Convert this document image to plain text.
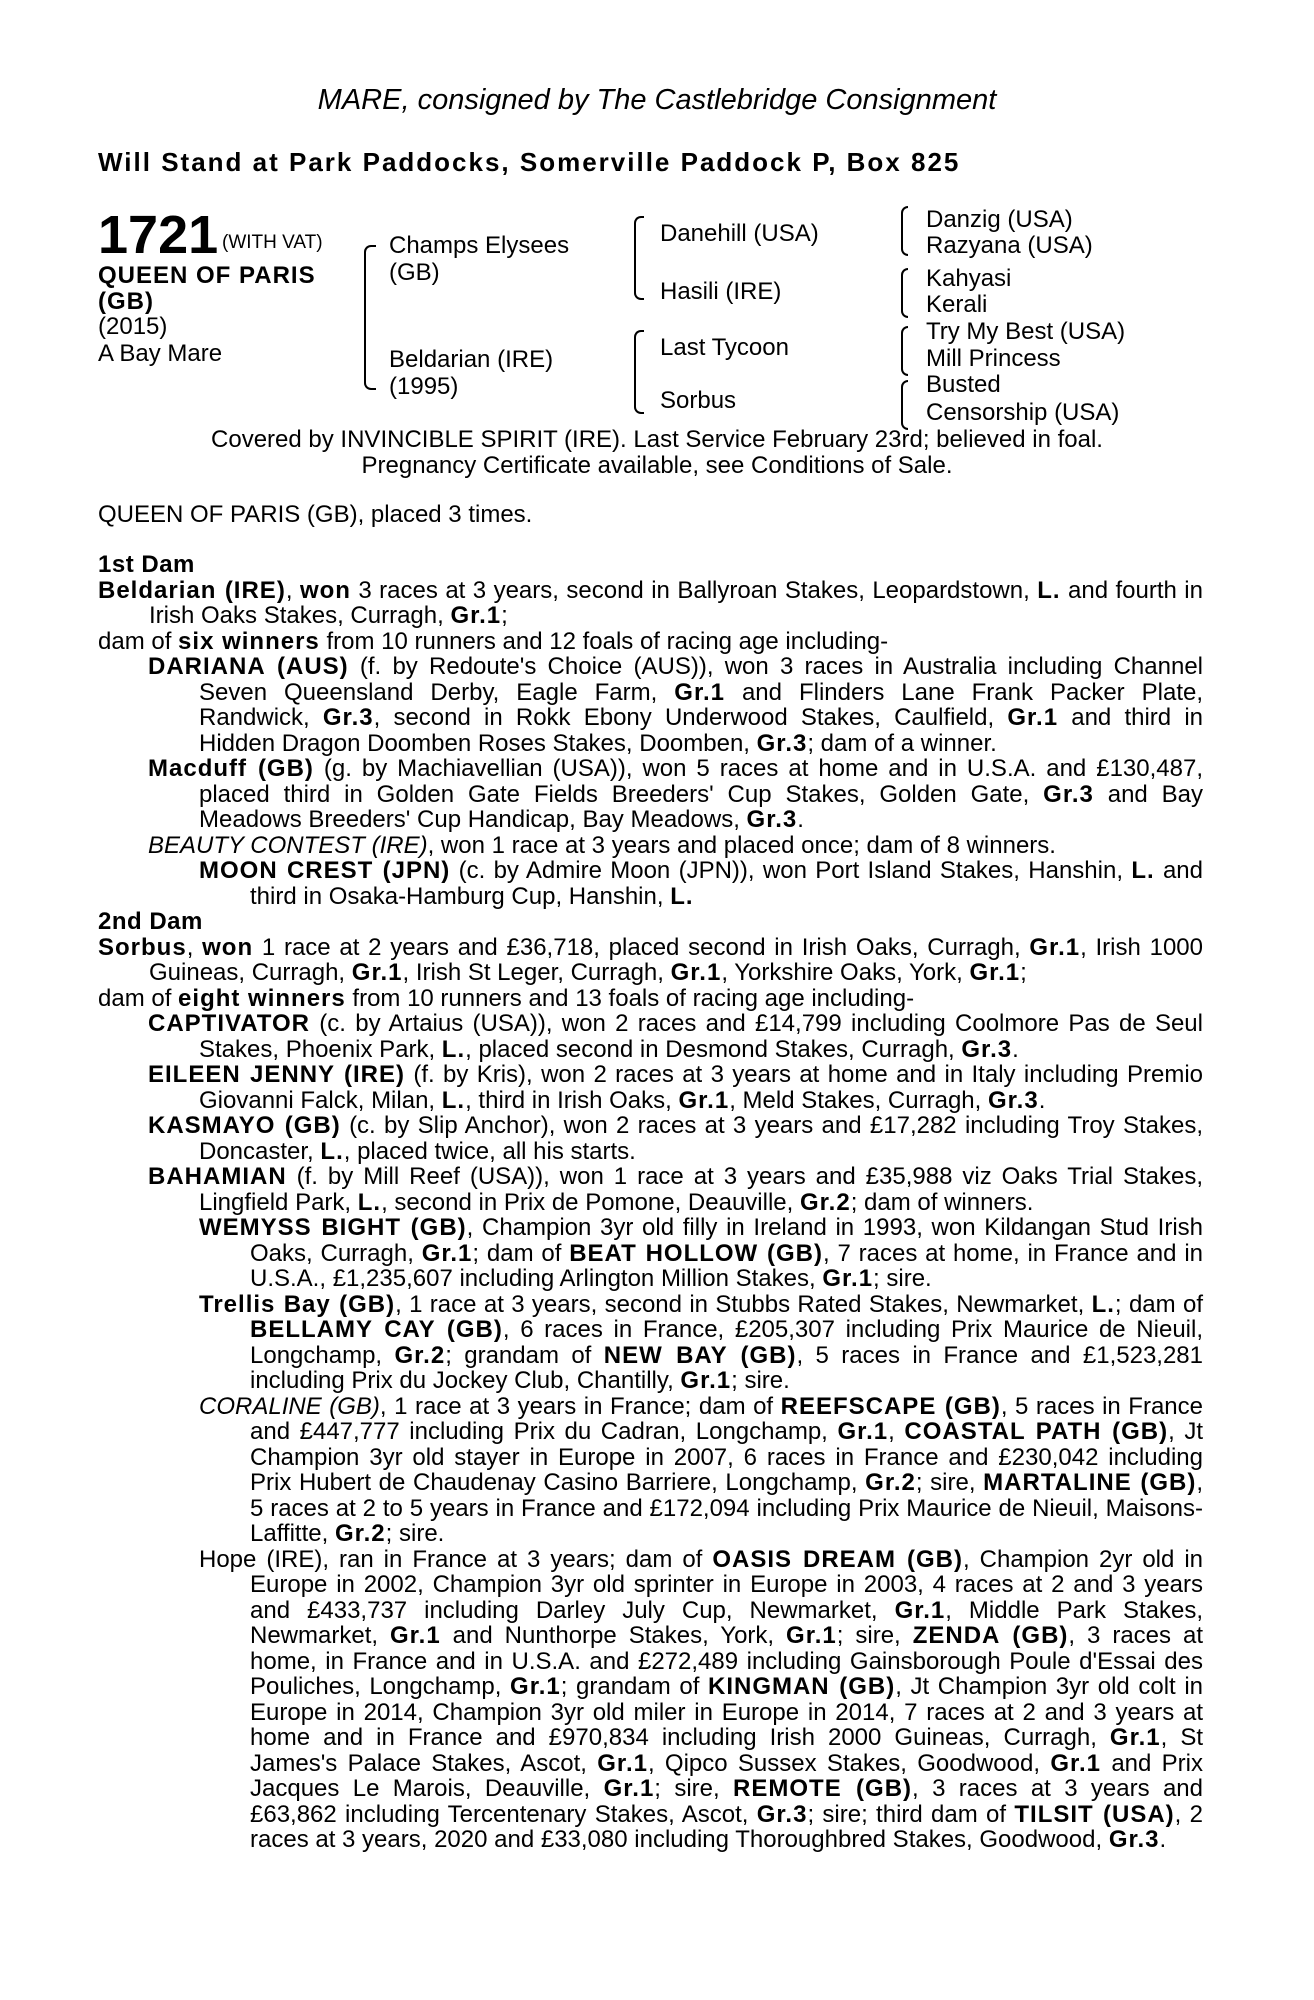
MARE, consigned by The Castlebridge Consignment
Will Stand at Park Paddocks, Somerville Paddock P, Box 825
1721 (WITH VAT)
QUEEN OF PARIS
(GB)
(2015)
A Bay Mare
Champs Elysees
(GB)
Beldarian (IRE)
(1995)
Danehill (USA)
Hasili (IRE)
Last Tycoon
Sorbus
Danzig (USA)
Razyana (USA)
Kahyasi
Kerali
Try My Best (USA)
Mill Princess
Busted
Censorship (USA)
Covered by INVINCIBLE SPIRIT (IRE). Last Service February 23rd; believed in foal.
Pregnancy Certificate available, see Conditions of Sale.
QUEEN OF PARIS (GB), placed 3 times.
1st Dam

Beldarian (IRE), won 3 races at 3 years, second in Ballyroan Stakes, Leopardstown, L. and fourth in Irish Oaks Stakes, Curragh, Gr.1;

dam of six winners from 10 runners and 12 foals of racing age including-

DARIANA (AUS) (f. by Redoute's Choice (AUS)), won 3 races in Australia including Channel Seven Queensland Derby, Eagle Farm, Gr.1 and Flinders Lane Frank Packer Plate, Randwick, Gr.3, second in Rokk Ebony Underwood Stakes, Caulfield, Gr.1 and third in Hidden Dragon Doomben Roses Stakes, Doomben, Gr.3; dam of a winner.

Macduff (GB) (g. by Machiavellian (USA)), won 5 races at home and in U.S.A. and £130,487, placed third in Golden Gate Fields Breeders' Cup Stakes, Golden Gate, Gr.3 and Bay Meadows Breeders' Cup Handicap, Bay Meadows, Gr.3.

BEAUTY CONTEST (IRE), won 1 race at 3 years and placed once; dam of 8 winners.

MOON CREST (JPN) (c. by Admire Moon (JPN)), won Port Island Stakes, Hanshin, L. and third in Osaka-Hamburg Cup, Hanshin, L.

2nd Dam

Sorbus, won 1 race at 2 years and £36,718, placed second in Irish Oaks, Curragh, Gr.1, Irish 1000 Guineas, Curragh, Gr.1, Irish St Leger, Curragh, Gr.1, Yorkshire Oaks, York, Gr.1;

dam of eight winners from 10 runners and 13 foals of racing age including-

CAPTIVATOR (c. by Artaius (USA)), won 2 races and £14,799 including Coolmore Pas de Seul Stakes, Phoenix Park, L., placed second in Desmond Stakes, Curragh, Gr.3.

EILEEN JENNY (IRE) (f. by Kris), won 2 races at 3 years at home and in Italy including Premio Giovanni Falck, Milan, L., third in Irish Oaks, Gr.1, Meld Stakes, Curragh, Gr.3.

KASMAYO (GB) (c. by Slip Anchor), won 2 races at 3 years and £17,282 including Troy Stakes, Doncaster, L., placed twice, all his starts.

BAHAMIAN (f. by Mill Reef (USA)), won 1 race at 3 years and £35,988 viz Oaks Trial Stakes, Lingfield Park, L., second in Prix de Pomone, Deauville, Gr.2; dam of winners.

WEMYSS BIGHT (GB), Champion 3yr old filly in Ireland in 1993, won Kildangan Stud Irish Oaks, Curragh, Gr.1; dam of BEAT HOLLOW (GB), 7 races at home, in France and in U.S.A., £1,235,607 including Arlington Million Stakes, Gr.1; sire.

Trellis Bay (GB), 1 race at 3 years, second in Stubbs Rated Stakes, Newmarket, L.; dam of BELLAMY CAY (GB), 6 races in France, £205,307 including Prix Maurice de Nieuil, Longchamp, Gr.2; grandam of NEW BAY (GB), 5 races in France and £1,523,281 including Prix du Jockey Club, Chantilly, Gr.1; sire.

CORALINE (GB), 1 race at 3 years in France; dam of REEFSCAPE (GB), 5 races in France and £447,777 including Prix du Cadran, Longchamp, Gr.1, COASTAL PATH (GB), Jt Champion 3yr old stayer in Europe in 2007, 6 races in France and £230,042 including Prix Hubert de Chaudenay Casino Barriere, Longchamp, Gr.2; sire, MARTALINE (GB), 5 races at 2 to 5 years in France and £172,094 including Prix Maurice de Nieuil, Maisons-Laffitte, Gr.2; sire.

Hope (IRE), ran in France at 3 years; dam of OASIS DREAM (GB), Champion 2yr old in Europe in 2002, Champion 3yr old sprinter in Europe in 2003, 4 races at 2 and 3 years and £433,737 including Darley July Cup, Newmarket, Gr.1, Middle Park Stakes, Newmarket, Gr.1 and Nunthorpe Stakes, York, Gr.1; sire, ZENDA (GB), 3 races at home, in France and in U.S.A. and £272,489 including Gainsborough Poule d'Essai des Pouliches, Longchamp, Gr.1; grandam of KINGMAN (GB), Jt Champion 3yr old colt in Europe in 2014, Champion 3yr old miler in Europe in 2014, 7 races at 2 and 3 years at home and in France and £970,834 including Irish 2000 Guineas, Curragh, Gr.1, St James's Palace Stakes, Ascot, Gr.1, Qipco Sussex Stakes, Goodwood, Gr.1 and Prix Jacques Le Marois, Deauville, Gr.1; sire, REMOTE (GB), 3 races at 3 years and £63,862 including Tercentenary Stakes, Ascot, Gr.3; sire; third dam of TILSIT (USA), 2 races at 3 years, 2020 and £33,080 including Thoroughbred Stakes, Goodwood, Gr.3.
